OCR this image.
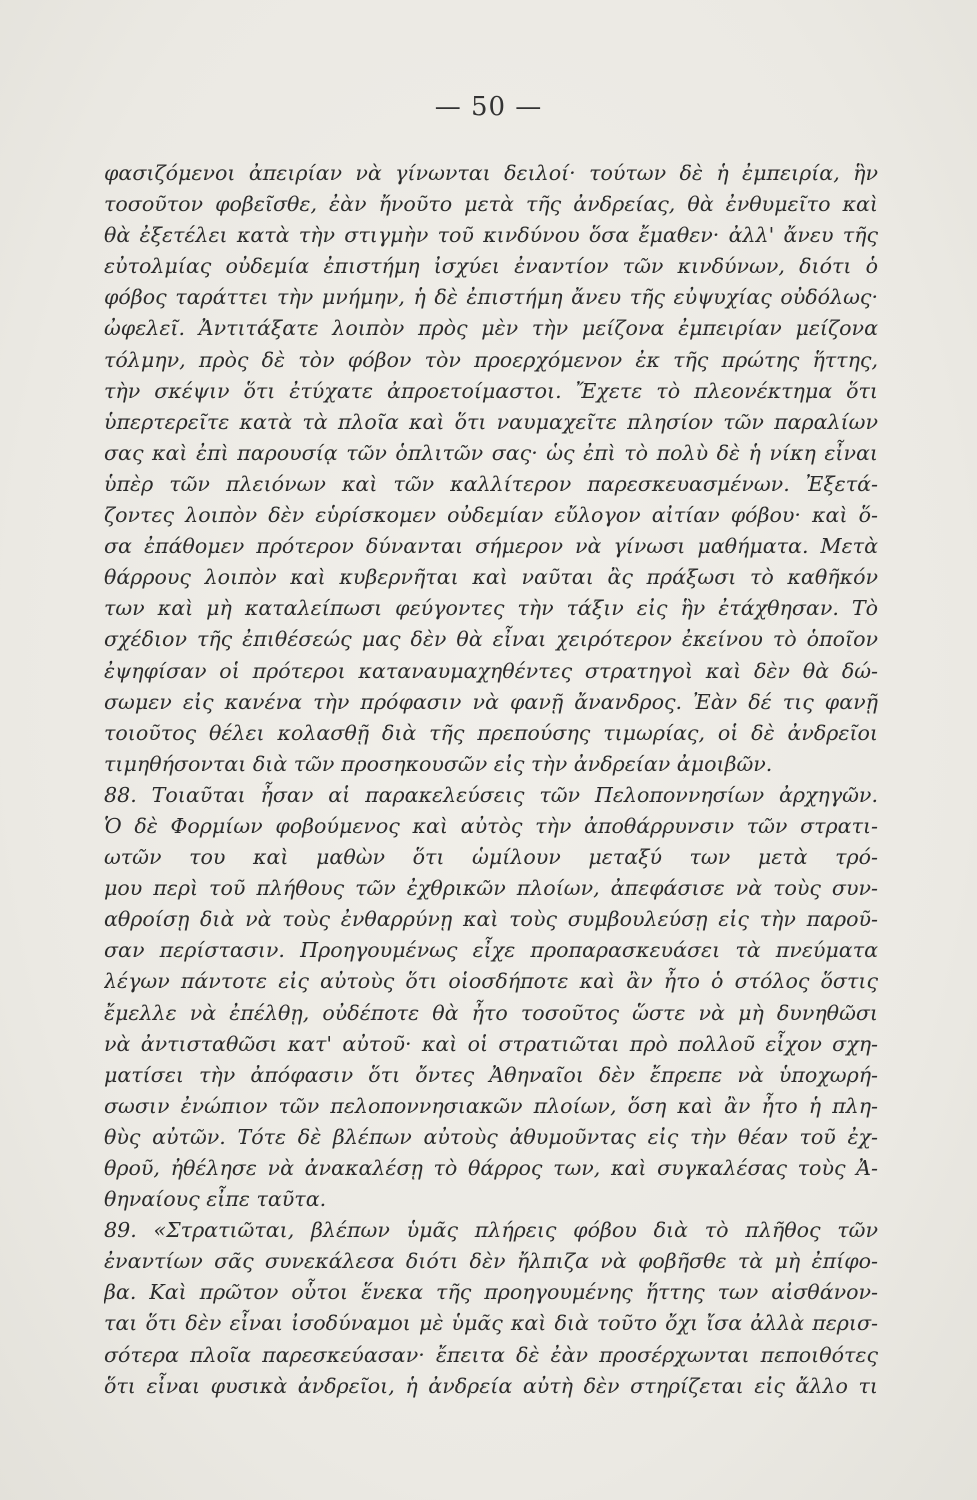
— 50 —
φασιζόμενοι ἀπειρίαν νὰ γίνωνται δειλοί· τούτων δὲ ἡ ἐμπειρία, ἣν
τοσοῦτον φοβεῖσθε, ἐὰν ἤνοῦτο μετὰ τῆς ἀνδρείας, θὰ ἐνθυμεῖτο καὶ
θὰ ἐξετέλει κατὰ τὴν στιγμὴν τοῦ κινδύνου ὅσα ἔμαθεν· ἀλλ' ἄνευ τῆς
εὐτολμίας οὐδεμία ἐπιστήμη ἰσχύει ἐναντίον τῶν κινδύνων, διότι ὁ
φόβος ταράττει τὴν μνήμην, ἡ δὲ ἐπιστήμη ἄνευ τῆς εὐψυχίας οὐδόλως·
ὠφελεῖ. Ἀντιτάξατε λοιπὸν πρὸς μὲν τὴν μείζονα ἐμπειρίαν μείζονα
τόλμην, πρὸς δὲ τὸν φόβον τὸν προερχόμενον ἐκ τῆς πρώτης ἥττης,
τὴν σκέψιν ὅτι ἐτύχατε ἀπροετοίμαστοι. Ἔχετε τὸ πλεονέκτημα ὅτι
ὑπερτερεῖτε κατὰ τὰ πλοῖα καὶ ὅτι ναυμαχεῖτε πλησίον τῶν παραλίων
σας καὶ ἐπὶ παρουσίᾳ τῶν ὁπλιτῶν σας· ὡς ἐπὶ τὸ πολὺ δὲ ἡ νίκη εἶναι
ὑπὲρ τῶν πλειόνων καὶ τῶν καλλίτερον παρεσκευασμένων. Ἐξετά-
ζοντες λοιπὸν δὲν εὑρίσκομεν οὐδεμίαν εὔλογον αἰτίαν φόβου· καὶ ὅ-
σα ἐπάθομεν πρότερον δύνανται σήμερον νὰ γίνωσι μαθήματα. Μετὰ
θάρρους λοιπὸν καὶ κυβερνῆται καὶ ναῦται ἂς πράξωσι τὸ καθῆκόν
των καὶ μὴ καταλείπωσι φεύγοντες τὴν τάξιν εἰς ἣν ἐτάχθησαν. Τὸ
σχέδιον τῆς ἐπιθέσεώς μας δὲν θὰ εἶναι χειρότερον ἐκείνου τὸ ὁποῖον
ἐψηφίσαν οἱ πρότεροι καταναυμαχηθέντες στρατηγοὶ καὶ δὲν θὰ δώ-
σωμεν εἰς κανένα τὴν πρόφασιν νὰ φανῇ ἄνανδρος. Ἐὰν δέ τις φανῇ
τοιοῦτος θέλει κολασθῇ διὰ τῆς πρεπούσης τιμωρίας, οἱ δὲ ἀνδρεῖοι
τιμηθήσονται διὰ τῶν προσηκουσῶν εἰς τὴν ἀνδρείαν ἀμοιβῶν.
88. Τοιαῦται ἦσαν αἱ παρακελεύσεις τῶν Πελοποννησίων ἀρχηγῶν.
Ὁ δὲ Φορμίων φοβούμενος καὶ αὐτὸς τὴν ἀποθάρρυνσιν τῶν στρατι-
ωτῶν του καὶ μαθὼν ὅτι ὡμίλουν μεταξύ των μετὰ τρό-
μου περὶ τοῦ πλήθους τῶν ἐχθρικῶν πλοίων, ἀπεφάσισε νὰ τοὺς συν-
αθροίσῃ διὰ νὰ τοὺς ἐνθαρρύνῃ καὶ τοὺς συμβουλεύσῃ εἰς τὴν παροῦ-
σαν περίστασιν. Προηγουμένως εἶχε προπαρασκευάσει τὰ πνεύματα
λέγων πάντοτε εἰς αὐτοὺς ὅτι οἱοσδήποτε καὶ ἂν ἦτο ὁ στόλος ὅστις
ἔμελλε νὰ ἐπέλθῃ, οὐδέποτε θὰ ἦτο τοσοῦτος ὥστε νὰ μὴ δυνηθῶσι
νὰ ἀντισταθῶσι κατ' αὐτοῦ· καὶ οἱ στρατιῶται πρὸ πολλοῦ εἶχον σχη-
ματίσει τὴν ἀπόφασιν ὅτι ὄντες Ἀθηναῖοι δὲν ἔπρεπε νὰ ὑποχωρή-
σωσιν ἐνώπιον τῶν πελοποννησιακῶν πλοίων, ὅση καὶ ἂν ἦτο ἡ πλη-
θὺς αὐτῶν. Τότε δὲ βλέπων αὐτοὺς ἀθυμοῦντας εἰς τὴν θέαν τοῦ ἐχ-
θροῦ, ἠθέλησε νὰ ἀνακαλέσῃ τὸ θάρρος των, καὶ συγκαλέσας τοὺς Ἀ-
θηναίους εἶπε ταῦτα.
89. «Στρατιῶται, βλέπων ὑμᾶς πλήρεις φόβου διὰ τὸ πλῆθος τῶν
ἐναντίων σᾶς συνεκάλεσα διότι δὲν ἤλπιζα νὰ φοβῆσθε τὰ μὴ ἐπίφο-
βα. Καὶ πρῶτον οὗτοι ἕνεκα τῆς προηγουμένης ἥττης των αἰσθάνον-
ται ὅτι δὲν εἶναι ἰσοδύναμοι μὲ ὑμᾶς καὶ διὰ τοῦτο ὄχι ἴσα ἀλλὰ περισ-
σότερα πλοῖα παρεσκεύασαν· ἔπειτα δὲ ἐὰν προσέρχωνται πεποιθότες
ὅτι εἶναι φυσικὰ ἀνδρεῖοι, ἡ ἀνδρεία αὐτὴ δὲν στηρίζεται εἰς ἄλλο τι
